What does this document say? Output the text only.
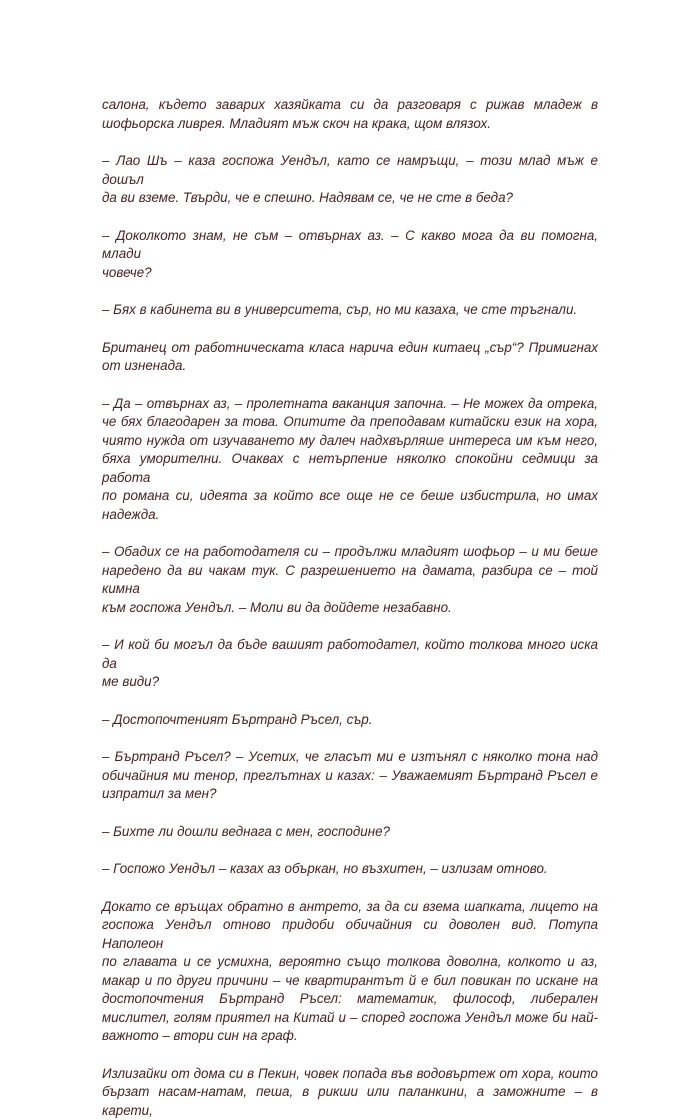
салона, където заварих хазяйката си да разговаря с рижав младеж в
шофьорска ливрея. Младият мъж скоч на крака, щом влязох.

– Лао Шъ – каза госпожа Уендъл, като се намръщи, – този млад мъж е дошъл
да ви вземе. Твърди, че е спешно. Надявам се, че не сте в беда?

– Доколкото знам, не съм – отвърнах аз. – С какво мога да ви помогна, млади
човече?

– Бях в кабинета ви в университета, сър, но ми казаха, че сте тръгнали.

Британец от работническата класа нарича един китаец „сър“? Примигнах
от изненада.

– Да – отвърнах аз, – пролетната ваканция започна. – Не можех да отрека,
че бях благодарен за това. Опитите да преподавам китайски език на хора,
чиято нужда от изучаването му далеч надхвърляше интереса им към него,
бяха уморителни. Очаквах с нетърпение няколко спокойни седмици за работа
по романа си, идеята за който все още не се беше избистрила, но имах
надежда.

– Обадих се на работодателя си – продължи младият шофьор – и ми беше
наредено да ви чакам тук. С разрешението на дамата, разбира се – той кимна
към госпожа Уендъл. – Моли ви да дойдете незабавно.

– И кой би могъл да бъде вашият работодател, който толкова много иска да
ме види?

– Достопочтеният Бъртранд Ръсел, сър.

– Бъртранд Ръсел? – Усетих, че гласът ми е изтънял с няколко тона над
обичайния ми тенор, преглътнах и казах: – Уважаемият Бъртранд Ръсел е
изпратил за мен?

– Бихте ли дошли веднага с мен, господине?

– Госпожо Уендъл – казах аз объркан, но възхитен, – излизам отново.

Докато се връщах обратно в антрето, за да си взема шапката, лицето на
госпожа Уендъл отново придоби обичайния си доволен вид. Потупа Наполеон
по главата и се усмихна, вероятно също толкова доволна, колкото и аз,
макар и по други причини – че квартирантът й е бил повикан по искане на
достопочтения Бъртранд Ръсел: математик, философ, либерален
мислител, голям приятел на Китай и – според госпожа Уендъл може би най-
важното – втори син на граф.

Излизайки от дома си в Пекин, човек попада във водовъртеж от хора, които
бързат насам-натам, пеша, в рикши или паланкини, а заможните – в карети,
